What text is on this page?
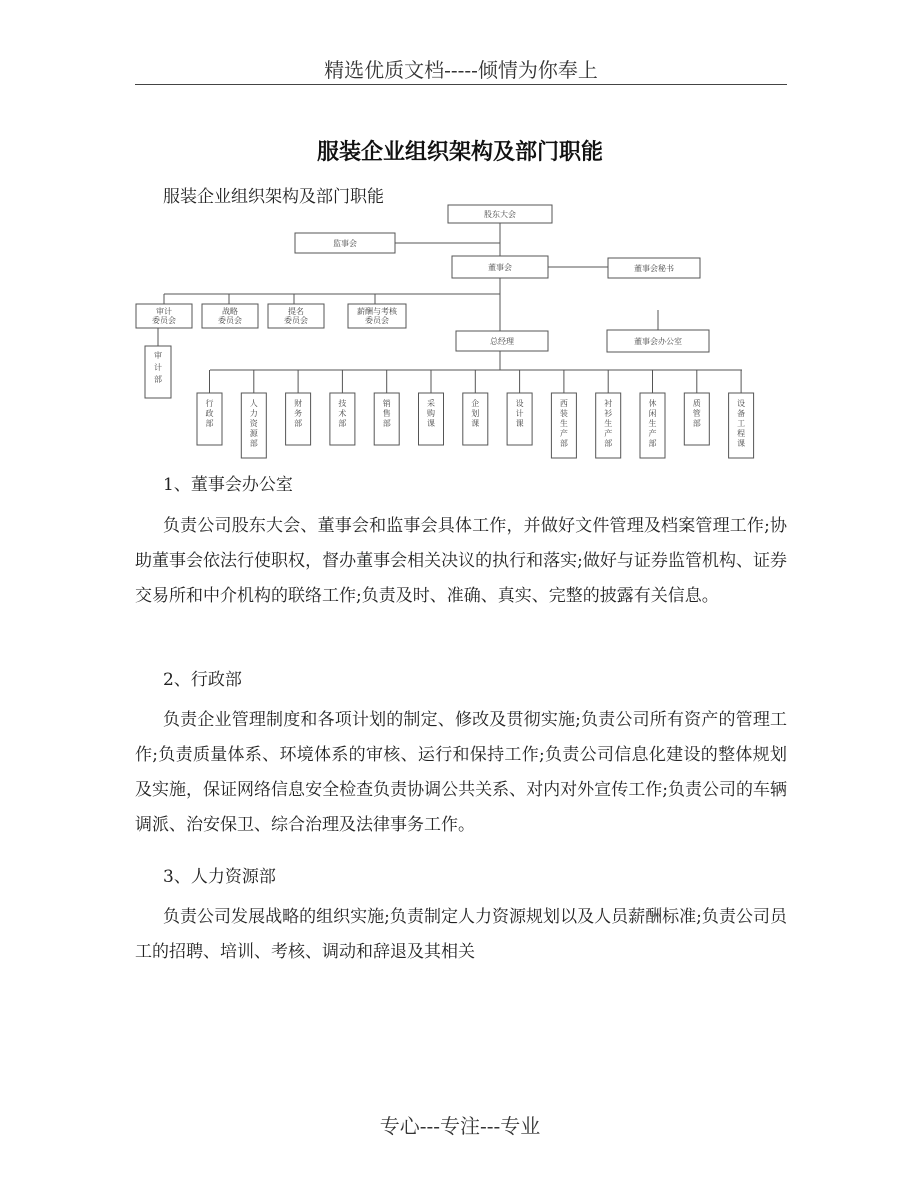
精选优质文档-----倾情为你奉上
服装企业组织架构及部门职能
服装企业组织架构及部门职能
股东大会
监事会
董事会	董事会秘书
总经理	董事会办公室
审计委员会
战略委员会
提名委员会
薪酬与考核委员会
审计部
行政部
人力资源部
财务部
技术部
销售部
采购课
企划课
设计课
西装生产部
衬衫生产部
休闲生产部
质管部
设备工程课
1、董事会办公室
负责公司股东大会、董事会和监事会具体工作，并做好文件管理及档案管理工作;协助董事会依法行使职权，督办董事会相关决议的执行和落实;做好与证券监管机构、证券交易所和中介机构的联络工作;负责及时、准确、真实、完整的披露有关信息。
2、行政部
负责企业管理制度和各项计划的制定、修改及贯彻实施;负责公司所有资产的管理工作;负责质量体系、环境体系的审核、运行和保持工作;负责公司信息化建设的整体规划及实施，保证网络信息安全检查负责协调公共关系、对内对外宣传工作;负责公司的车辆调派、治安保卫、综合治理及法律事务工作。
3、人力资源部
负责公司发展战略的组织实施;负责制定人力资源规划以及人员薪酬标准;负责公司员工的招聘、培训、考核、调动和辞退及其相关
专心---专注---专业
